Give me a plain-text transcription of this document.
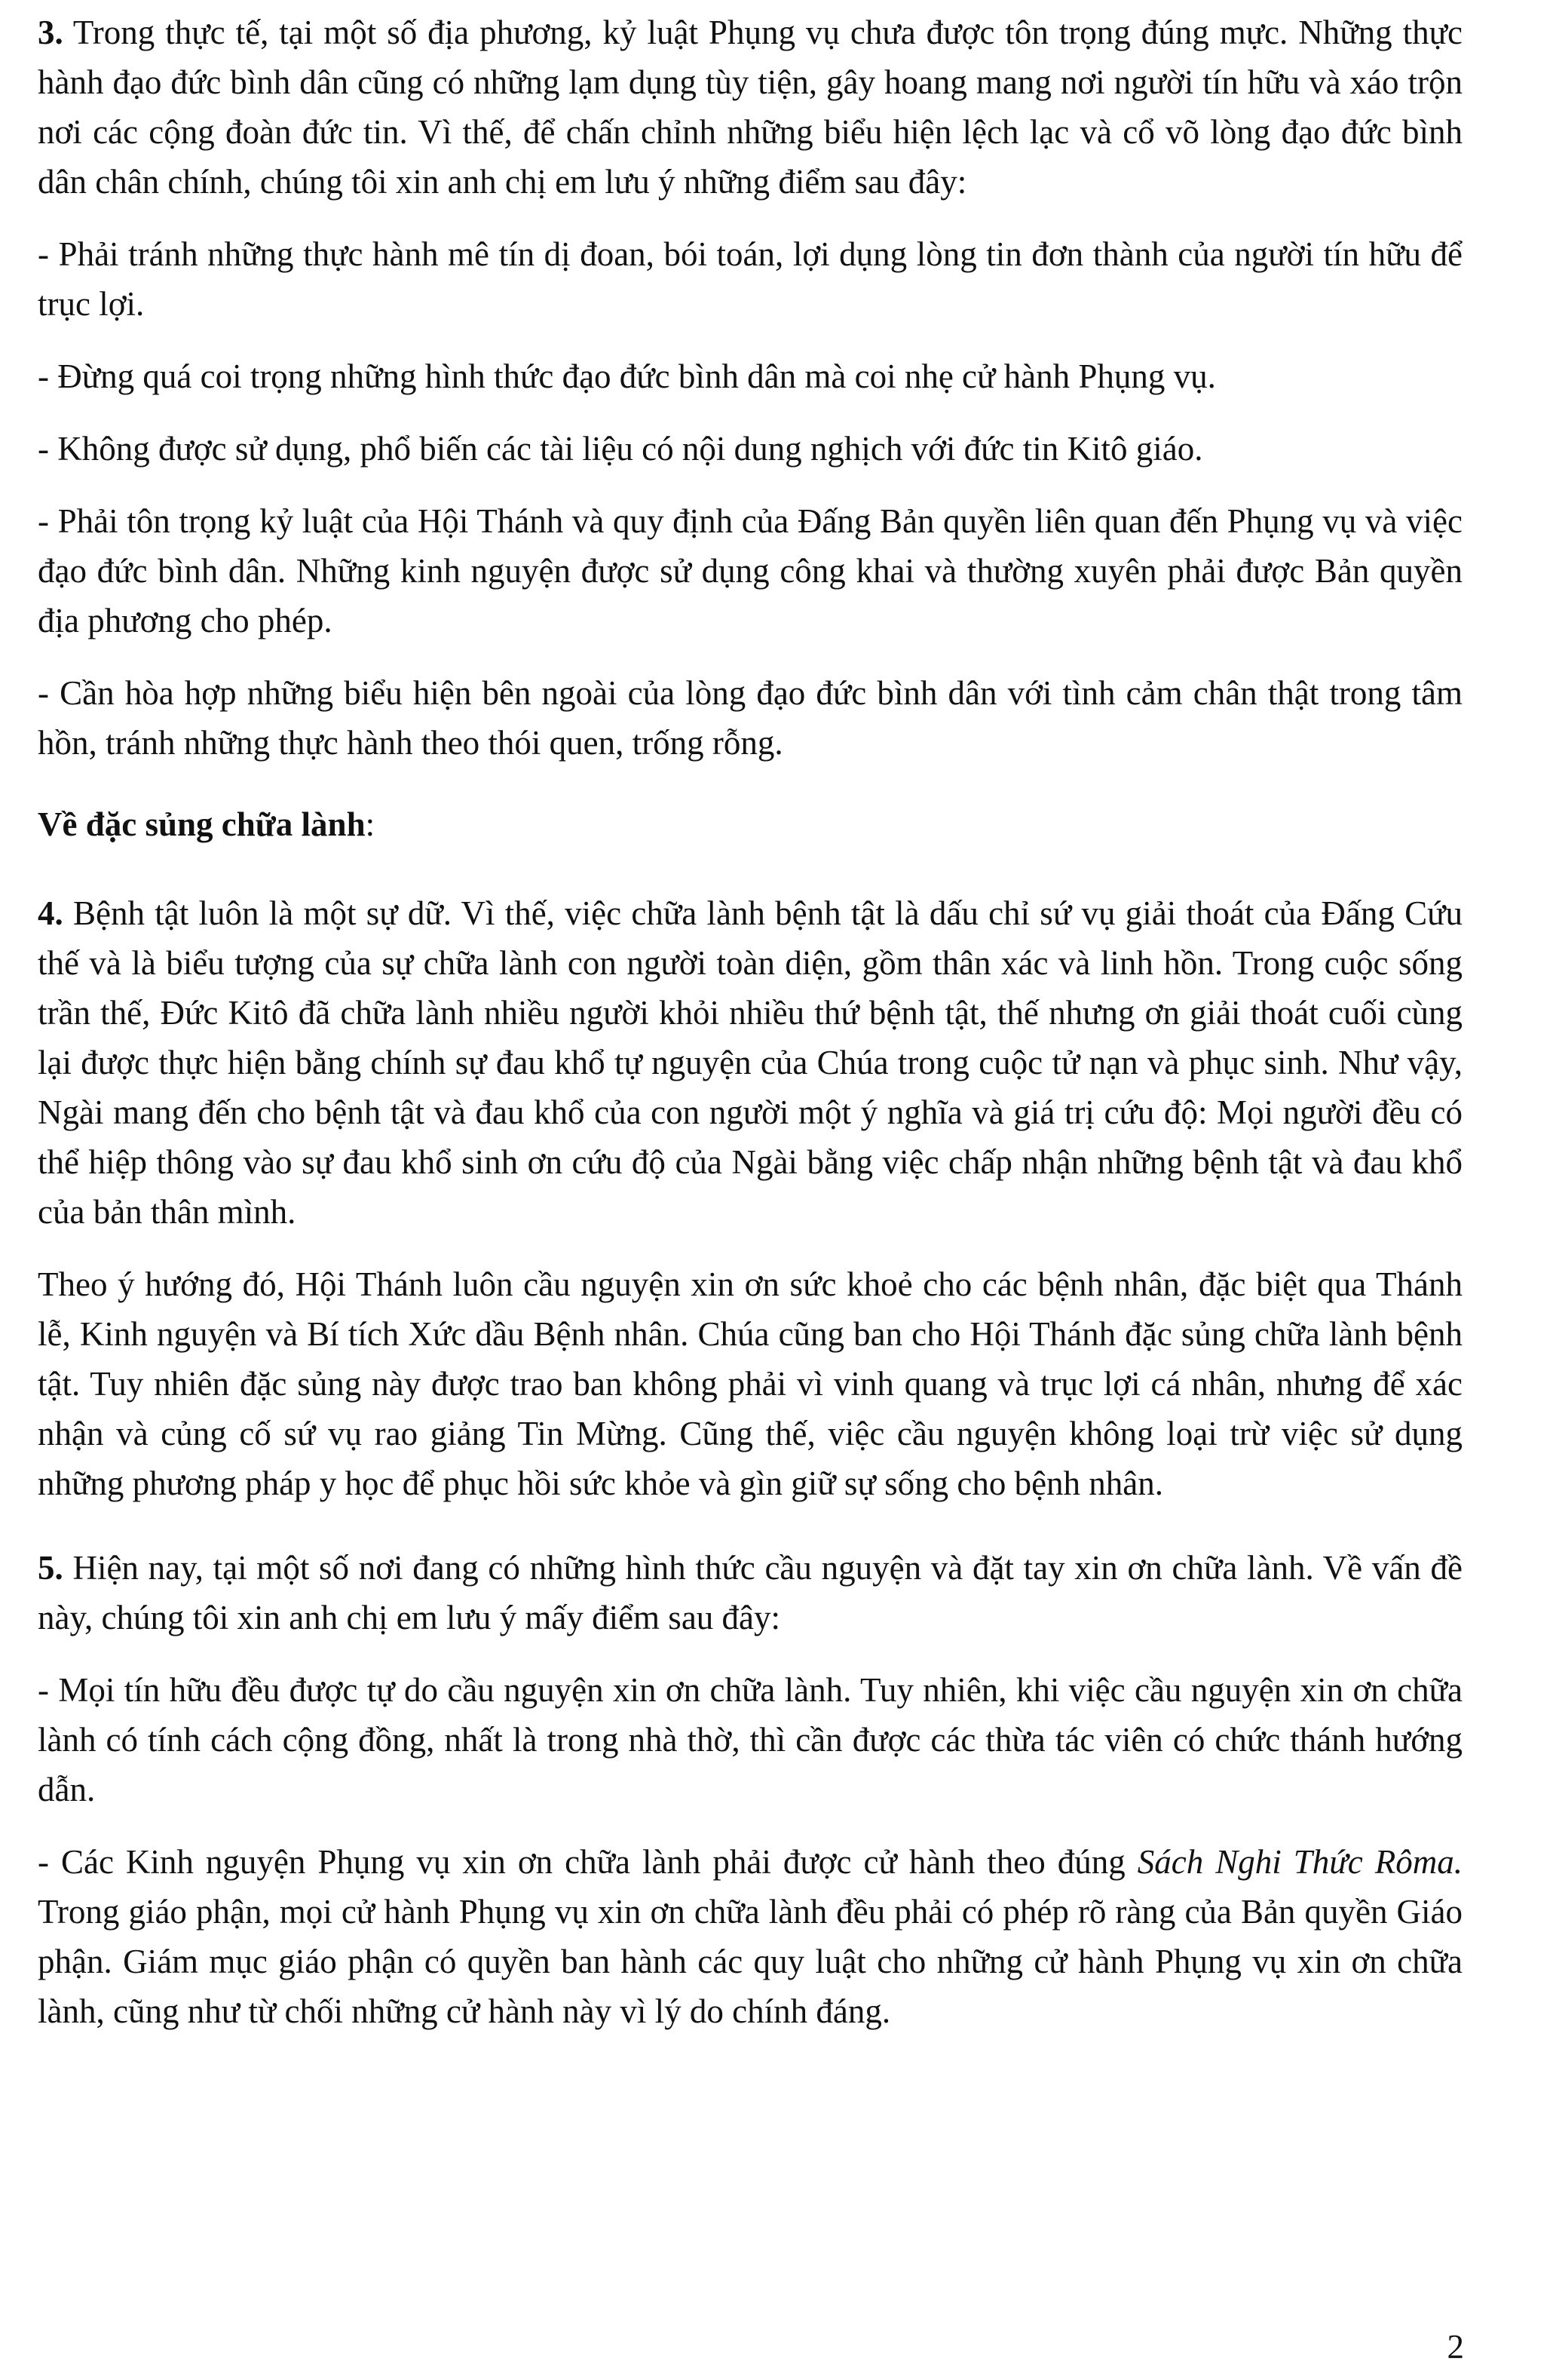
3. Trong thực tế, tại một số địa phương, kỷ luật Phụng vụ chưa được tôn trọng đúng mực. Những thực hành đạo đức bình dân cũng có những lạm dụng tùy tiện, gây hoang mang nơi người tín hữu và xáo trộn nơi các cộng đoàn đức tin. Vì thế, để chấn chỉnh những biểu hiện lệch lạc và cổ võ lòng đạo đức bình dân chân chính, chúng tôi xin anh chị em lưu ý những điểm sau đây:

- Phải tránh những thực hành mê tín dị đoan, bói toán, lợi dụng lòng tin đơn thành của người tín hữu để trục lợi.

- Đừng quá coi trọng những hình thức đạo đức bình dân mà coi nhẹ cử hành Phụng vụ.

- Không được sử dụng, phổ biến các tài liệu có nội dung nghịch với đức tin Kitô giáo.

- Phải tôn trọng kỷ luật của Hội Thánh và quy định của Đấng Bản quyền liên quan đến Phụng vụ và việc đạo đức bình dân. Những kinh nguyện được sử dụng công khai và thường xuyên phải được Bản quyền địa phương cho phép.

- Cần hòa hợp những biểu hiện bên ngoài của lòng đạo đức bình dân với tình cảm chân thật trong tâm hồn, tránh những thực hành theo thói quen, trống rỗng.

Về đặc sủng chữa lành:

4. Bệnh tật luôn là một sự dữ. Vì thế, việc chữa lành bệnh tật là dấu chỉ sứ vụ giải thoát của Đấng Cứu thế và là biểu tượng của sự chữa lành con người toàn diện, gồm thân xác và linh hồn. Trong cuộc sống trần thế, Đức Kitô đã chữa lành nhiều người khỏi nhiều thứ bệnh tật, thế nhưng ơn giải thoát cuối cùng lại được thực hiện bằng chính sự đau khổ tự nguyện của Chúa trong cuộc tử nạn và phục sinh. Như vậy, Ngài mang đến cho bệnh tật và đau khổ của con người một ý nghĩa và giá trị cứu độ: Mọi người đều có thể hiệp thông vào sự đau khổ sinh ơn cứu độ của Ngài bằng việc chấp nhận những bệnh tật và đau khổ của bản thân mình.

Theo ý hướng đó, Hội Thánh luôn cầu nguyện xin ơn sức khoẻ cho các bệnh nhân, đặc biệt qua Thánh lễ, Kinh nguyện và Bí tích Xức dầu Bệnh nhân. Chúa cũng ban cho Hội Thánh đặc sủng chữa lành bệnh tật. Tuy nhiên đặc sủng này được trao ban không phải vì vinh quang và trục lợi cá nhân, nhưng để xác nhận và củng cố sứ vụ rao giảng Tin Mừng. Cũng thế, việc cầu nguyện không loại trừ việc sử dụng những phương pháp y học để phục hồi sức khỏe và gìn giữ sự sống cho bệnh nhân.

5. Hiện nay, tại một số nơi đang có những hình thức cầu nguyện và đặt tay xin ơn chữa lành. Về vấn đề này, chúng tôi xin anh chị em lưu ý mấy điểm sau đây:

- Mọi tín hữu đều được tự do cầu nguyện xin ơn chữa lành. Tuy nhiên, khi việc cầu nguyện xin ơn chữa lành có tính cách cộng đồng, nhất là trong nhà thờ, thì cần được các thừa tác viên có chức thánh hướng dẫn.

- Các Kinh nguyện Phụng vụ xin ơn chữa lành phải được cử hành theo đúng Sách Nghi Thức Rôma. Trong giáo phận, mọi cử hành Phụng vụ xin ơn chữa lành đều phải có phép rõ ràng của Bản quyền Giáo phận. Giám mục giáo phận có quyền ban hành các quy luật cho những cử hành Phụng vụ xin ơn chữa lành, cũng như từ chối những cử hành này vì lý do chính đáng.

2
